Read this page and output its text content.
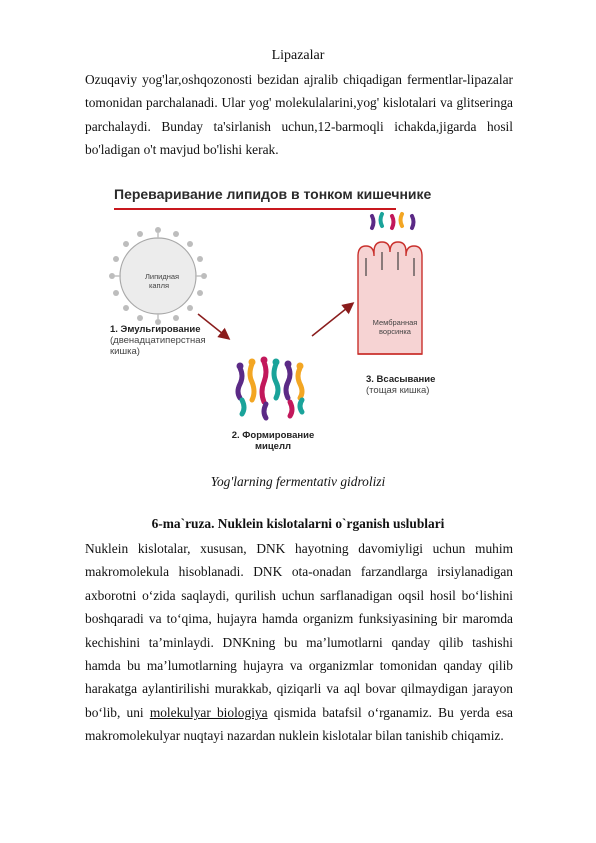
Lipazalar
Ozuqaviy yog'lar,oshqozonosti bezidan ajralib chiqadigan fermentlar-lipazalar tomonidan parchalanadi. Ular yog' molekulalarini,yog' kislotalari va glitseringa parchalaydi. Bunday ta'sirlanish uchun,12-barmoqli ichakda,jigarda hosil bo'ladigan o't mavjud bo'lishi kerak.
Переваривание липидов в тонком кишечнике
Липидная
капля
1. Эмульгирование
(двенадцатиперстная
кишка)
Мембранная
ворсинка
3. Всасывание
(тощая кишка)
2. Формирование
мицелл
Yog'larning fermentativ gidrolizi
6-ma`ruza. Nuklein kislotalarni o`rganish uslublari
Nuklein kislotalar, xususan, DNK hayotning davomiyligi uchun muhim makromolekula hisoblanadi. DNK ota-onadan farzandlarga irsiylanadigan axborotni o‘zida saqlaydi, qurilish uchun sarflanadigan oqsil hosil bo‘lishini boshqaradi va to‘qima, hujayra hamda organizm funksiyasining bir maromda kechishini ta’minlaydi. DNKning bu ma’lumotlarni qanday qilib tashishi hamda bu ma’lumotlarning hujayra va organizmlar tomonidan qanday qilib harakatga aylantirilishi murakkab, qiziqarli va aql bovar qilmaydigan jarayon bo‘lib, uni molekulyar biologiya qismida batafsil o‘rganamiz. Bu yerda esa makromolekulyar nuqtayi nazardan nuklein kislotalar bilan tanishib chiqamiz.
